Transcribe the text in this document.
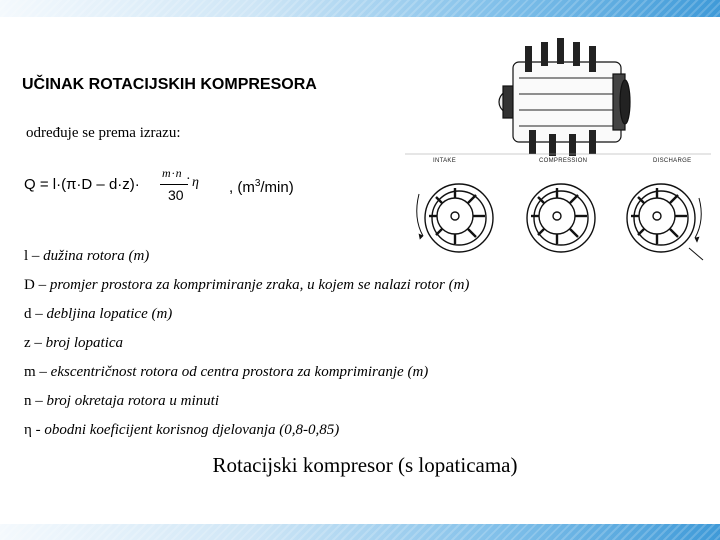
UČINAK ROTACIJSKIH KOMPRESORA
određuje se prema izrazu:
Q = l·(π·D – d·z)·
m·n
30
· η , $(m^3/\min)$
l – dužina rotora (m)
D – promjer prostora za komprimiranje zraka, u kojem se nalazi rotor (m)
d – debljina lopatice (m)
z – broj lopatica
m – ekscentričnost rotora od centra prostora za komprimiranje (m)
n – broj okretaja rotora u minuti
η - obodni koeficijent korisnog djelovanja (0,8-0,85)
INTAKE	COMPRESSION	DISCHARGE
Rotacijski kompresor (s lopaticama)
